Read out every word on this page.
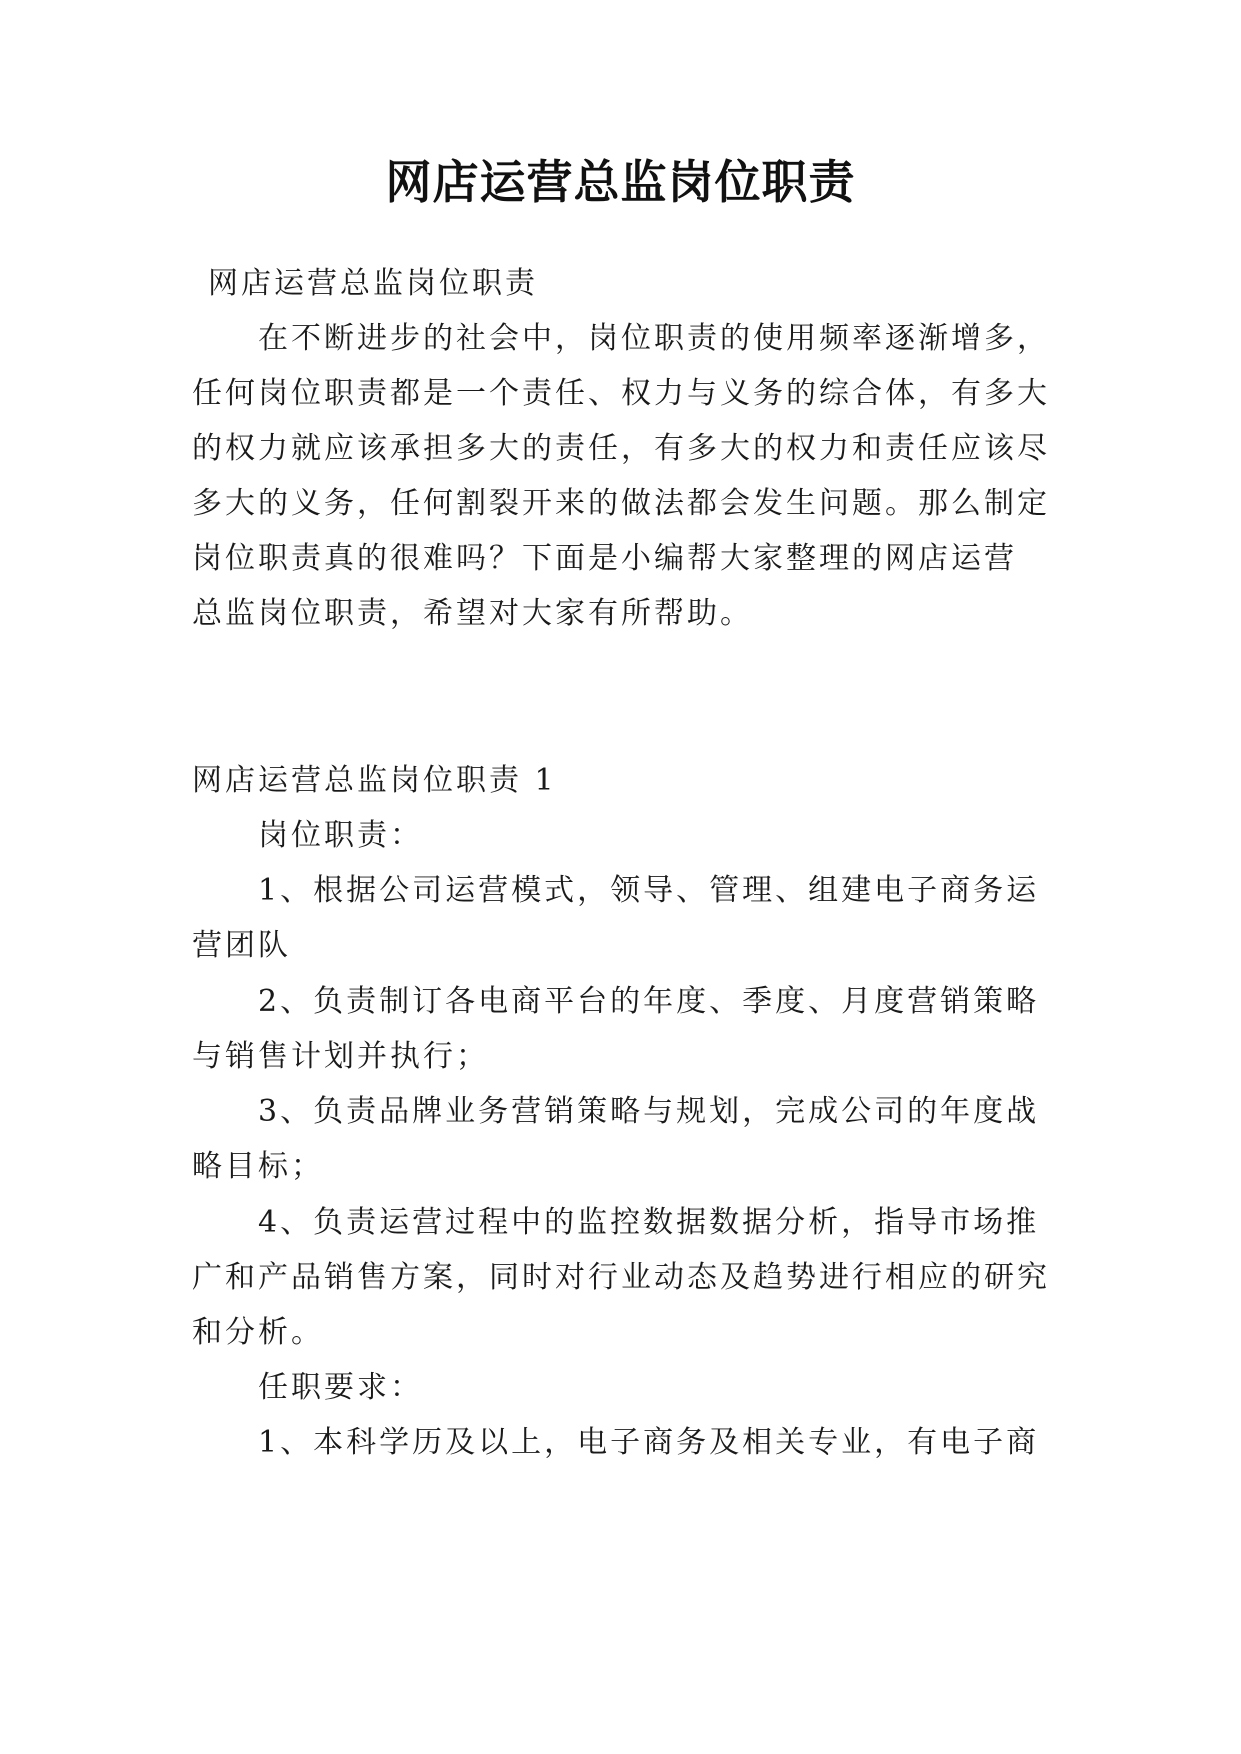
网店运营总监岗位职责
网店运营总监岗位职责
在不断进步的社会中，岗位职责的使用频率逐渐增多，
任何岗位职责都是一个责任、权力与义务的综合体，有多大
的权力就应该承担多大的责任，有多大的权力和责任应该尽
多大的义务，任何割裂开来的做法都会发生问题。那么制定
岗位职责真的很难吗？下面是小编帮大家整理的网店运营
总监岗位职责，希望对大家有所帮助。
网店运营总监岗位职责 1
岗位职责：
1、根据公司运营模式，领导、管理、组建电子商务运
营团队
2、负责制订各电商平台的年度、季度、月度营销策略
与销售计划并执行；
3、负责品牌业务营销策略与规划，完成公司的年度战
略目标；
4、负责运营过程中的监控数据数据分析，指导市场推
广和产品销售方案，同时对行业动态及趋势进行相应的研究
和分析。
任职要求：
1、本科学历及以上，电子商务及相关专业，有电子商
